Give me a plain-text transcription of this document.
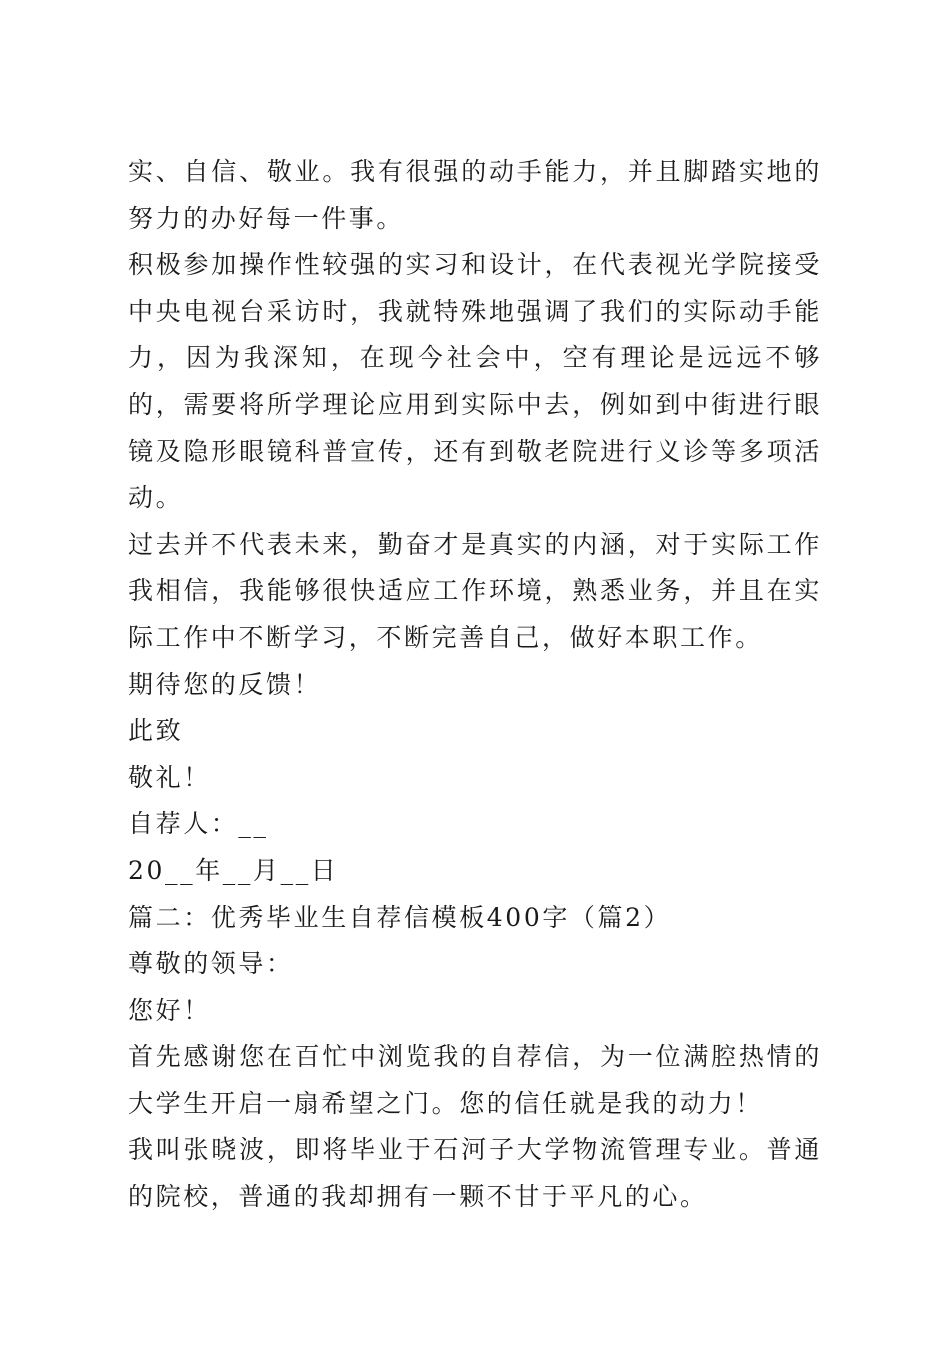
实、自信、敬业。我有很强的动手能力，并且脚踏实地的努力的办好每一件事。

积极参加操作性较强的实习和设计，在代表视光学院接受中央电视台采访时，我就特殊地强调了我们的实际动手能力，因为我深知，在现今社会中，空有理论是远远不够的，需要将所学理论应用到实际中去，例如到中街进行眼镜及隐形眼镜科普宣传，还有到敬老院进行义诊等多项活动。

过去并不代表未来，勤奋才是真实的内涵，对于实际工作我相信，我能够很快适应工作环境，熟悉业务，并且在实际工作中不断学习，不断完善自己，做好本职工作。

期待您的反馈！

此致

敬礼！

自荐人：__

20__年__月__日

篇二：优秀毕业生自荐信模板400字（篇2）

尊敬的领导：

您好！

首先感谢您在百忙中浏览我的自荐信，为一位满腔热情的大学生开启一扇希望之门。您的信任就是我的动力！

我叫张晓波，即将毕业于石河子大学物流管理专业。普通的院校，普通的我却拥有一颗不甘于平凡的心。
